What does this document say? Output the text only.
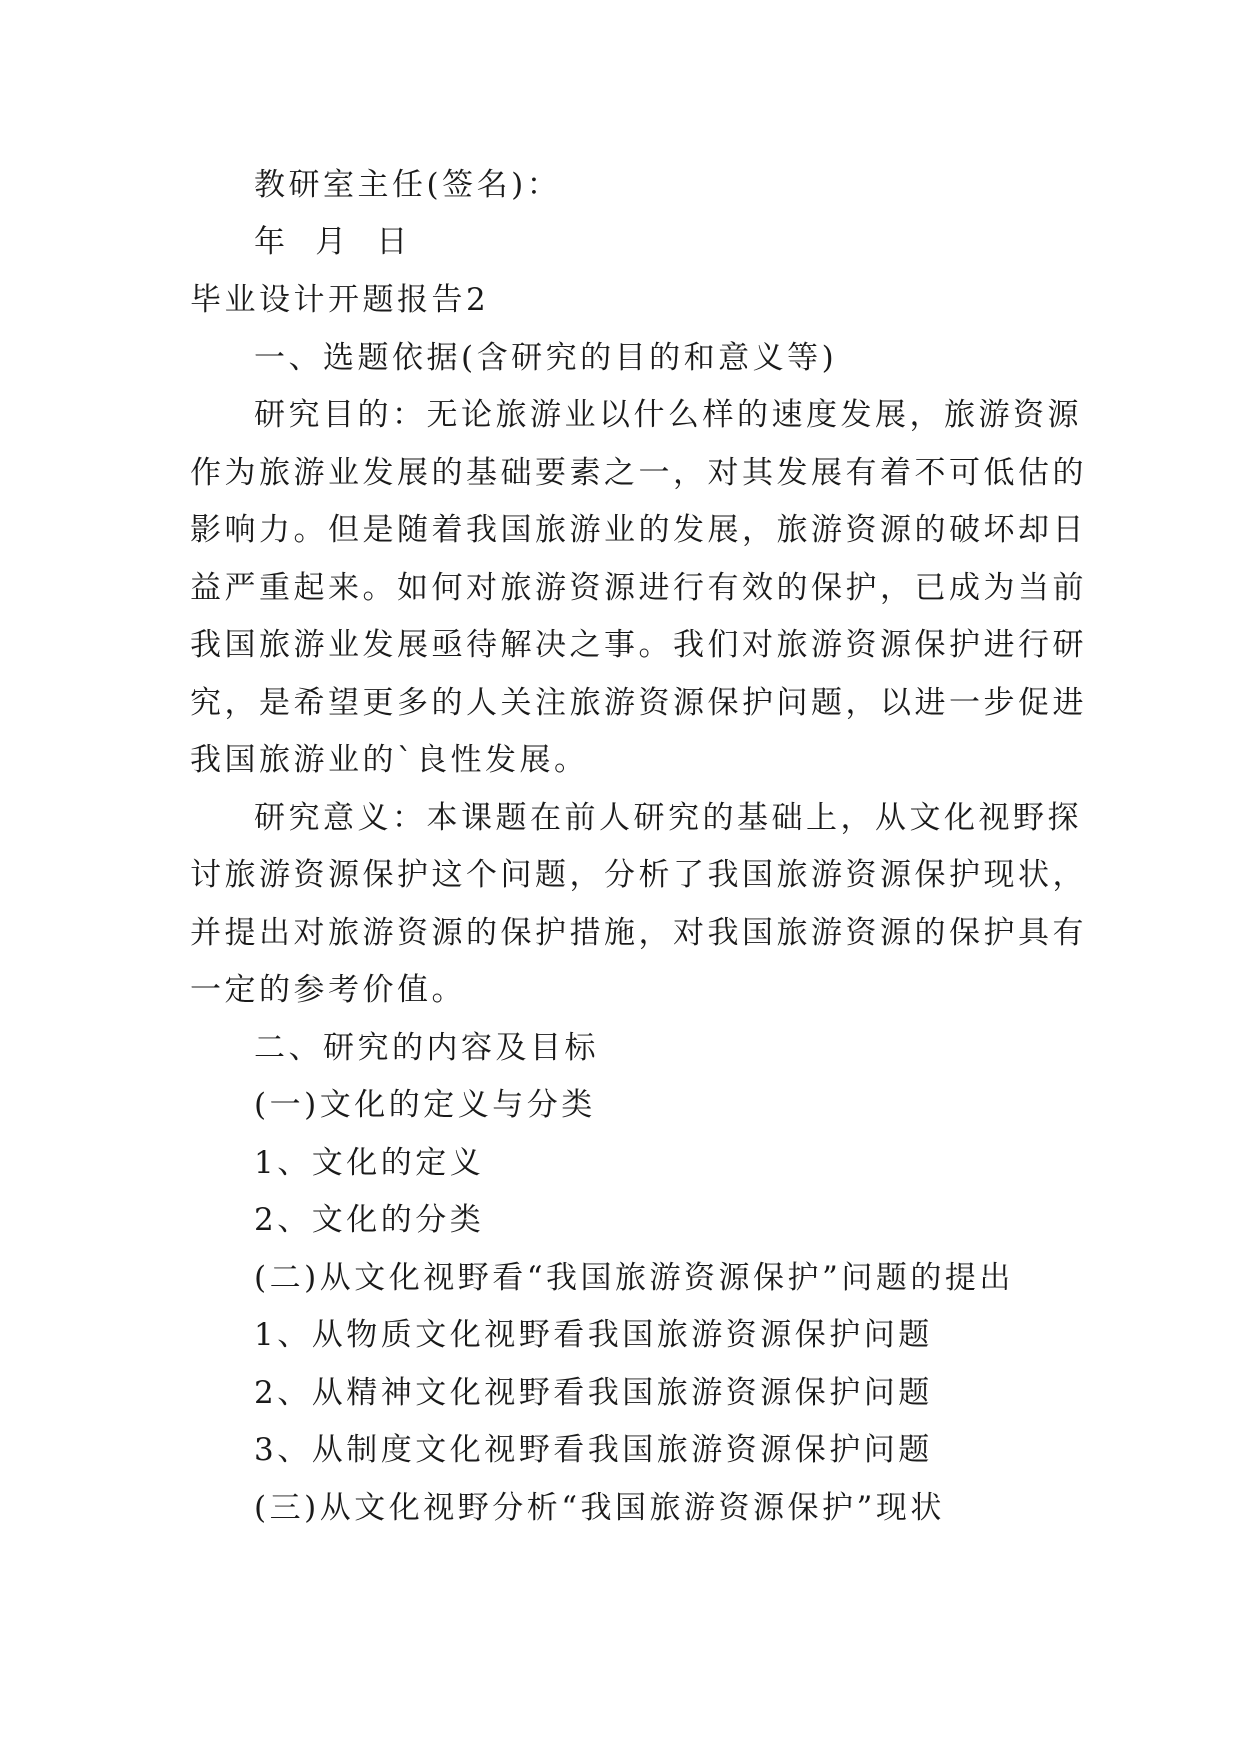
教研室主任(签名)：
年  月  日
毕业设计开题报告2
一、选题依据(含研究的目的和意义等)
研究目的：无论旅游业以什么样的速度发展，旅游资源
作为旅游业发展的基础要素之一，对其发展有着不可低估的
影响力。但是随着我国旅游业的发展，旅游资源的破坏却日
益严重起来。如何对旅游资源进行有效的保护，已成为当前
我国旅游业发展亟待解决之事。我们对旅游资源保护进行研
究，是希望更多的人关注旅游资源保护问题，以进一步促进
我国旅游业的`良性发展。
研究意义：本课题在前人研究的基础上，从文化视野探
讨旅游资源保护这个问题，分析了我国旅游资源保护现状，
并提出对旅游资源的保护措施，对我国旅游资源的保护具有
一定的参考价值。
二、研究的内容及目标
(一)文化的定义与分类
1、文化的定义
2、文化的分类
(二)从文化视野看“我国旅游资源保护”问题的提出
1、从物质文化视野看我国旅游资源保护问题
2、从精神文化视野看我国旅游资源保护问题
3、从制度文化视野看我国旅游资源保护问题
(三)从文化视野分析“我国旅游资源保护”现状
